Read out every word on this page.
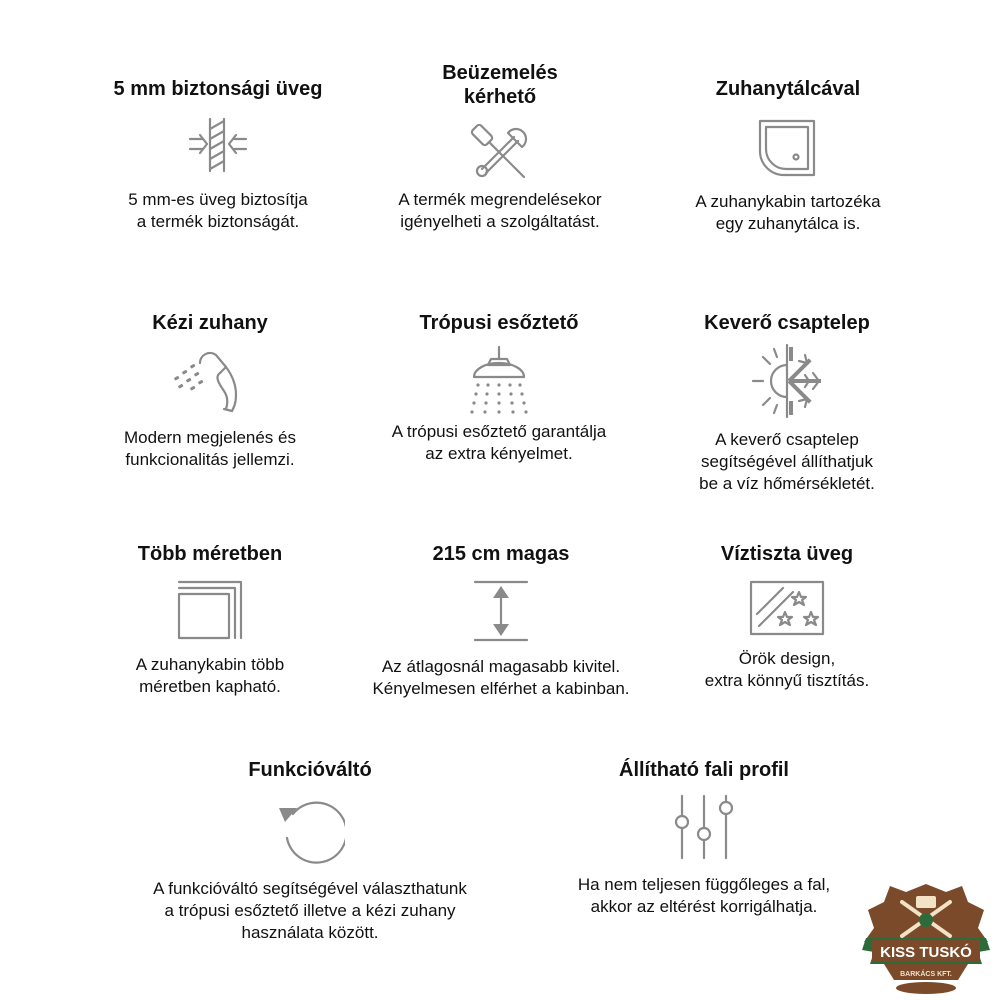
5 mm biztonsági üveg
5 mm-es üveg biztosítja
a termék biztonságát.
Beüzemelés
kérhető
A termék megrendelésekor
igényelheti a szolgáltatást.
Zuhanytálcával
A zuhanykabin tartozéka
egy zuhanytálca is.
Kézi zuhany
Modern megjelenés és
funkcionalitás jellemzi.
Trópusi esőztető
A trópusi esőztető garantálja
az extra kényelmet.
Keverő csaptelep
A keverő csaptelep
segítségével állíthatjuk
be a víz hőmérsékletét.
Több méretben
A zuhanykabin több
méretben kapható.
215 cm magas
Az átlagosnál magasabb kivitel.
Kényelmesen elférhet a kabinban.
Víztiszta üveg
Örök design,
extra könnyű tisztítás.
Funkcióváltó
A funkcióváltó segítségével választhatunk
a trópusi esőztető illetve a kézi zuhany
használata között.
Állítható fali profil
Ha nem teljesen függőleges a fal,
akkor az eltérést korrigálhatja.
KISS TUSKÓ
BARKÁCS KFT.
